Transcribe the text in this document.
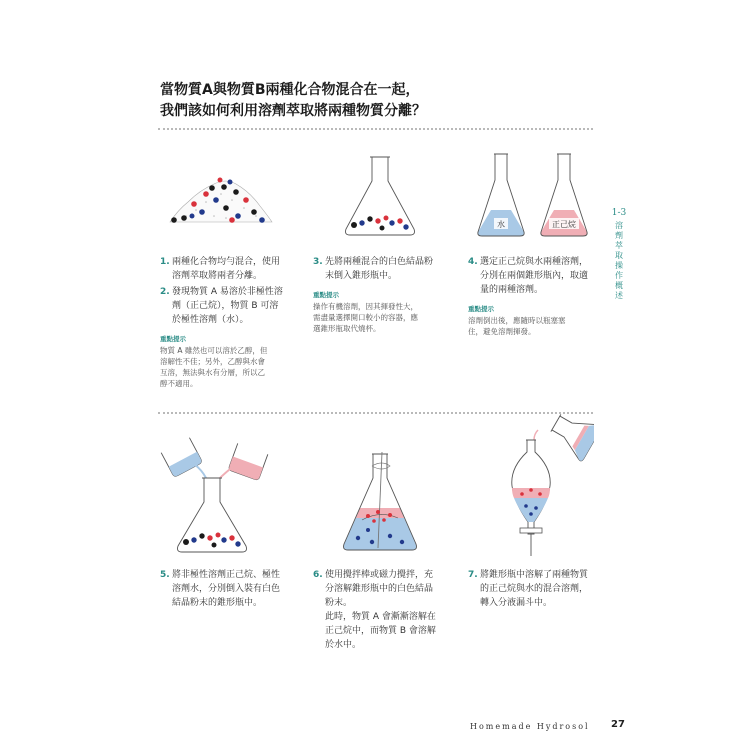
當物質A與物質B兩種化合物混合在一起，
我們該如何利用溶劑萃取將兩種物質分離？
1-3
溶
劑
萃
取
操
作
概
述
水	正己烷
1. 兩種化合物均勻混合，使用
溶劑萃取將兩者分離。
2. 發現物質 A 易溶於非極性溶
劑（正己烷），物質 B 可溶
於極性溶劑（水）。
重點提示
物質 A 雖然也可以溶於乙醇，但
溶解性不佳；另外，乙醇與水會
互溶，無法與水有分層，所以乙
醇不適用。
3. 先將兩種混合的白色結晶粉
末倒入錐形瓶中。
重點提示
操作有機溶劑，因其揮發性大，
需盡量選擇開口較小的容器，應
選錐形瓶取代燒杯。
4. 選定正己烷與水兩種溶劑，
分別在兩個錐形瓶內，取適
量的兩種溶劑。
重點提示
溶劑倒出後，應隨時以瓶塞塞
住，避免溶劑揮發。
5. 將非極性溶劑正己烷、極性
溶劑水，分別倒入裝有白色
結晶粉末的錐形瓶中。
6. 使用攪拌棒或磁力攪拌，充
分溶解錐形瓶中的白色結晶
粉末。
此時，物質 A 會漸漸溶解在
正己烷中，而物質 B 會溶解
於水中。
7. 將錐形瓶中溶解了兩種物質
的正己烷與水的混合溶劑，
轉入分液漏斗中。
Homemade Hydrosol 27
